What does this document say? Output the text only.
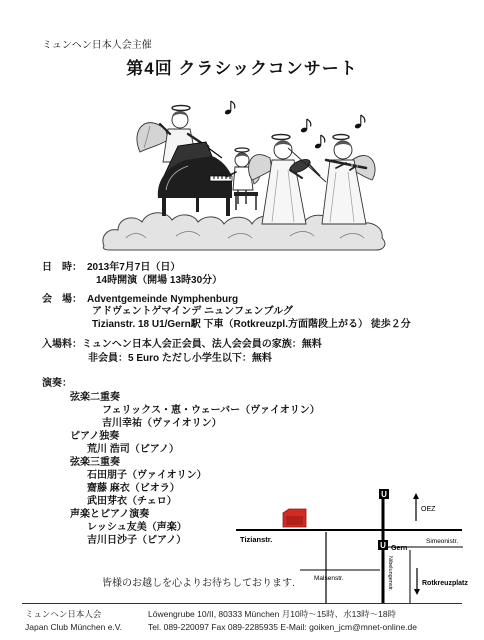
ミュンヘン日本人会主催
第4回 クラシックコンサート
日　時： 2013年7月7日（日）
14時開演（開場 13時30分）
会　場： Adventgemeinde Nymphenburg
アドヴェントゲマインデ ニュンフェンブルグ
Tizianstr. 18 U1/Gern駅 下車（Rotkreuzpl.方面階段上がる） 徒歩２分
入場料：ミュンヘン日本人会正会員、法人会会員の家族：無料
非会員：5 Euro ただし小学生以下：無料
演奏：
弦楽二重奏
フェリックス・恵・ウェーバー（ヴァイオリン）
吉川幸祐（ヴァイオリン）
ピアノ独奏
荒川 浩司（ピアノ）
弦楽三重奏
石田朋子（ヴァイオリン）
齋藤 麻衣（ビオラ）
武田芽衣（チェロ）
声楽とピアノ演奏
レッシュ友美（声楽）
吉川日沙子（ピアノ）
皆様のお越しを心よりお待ちしております.
Tizianstr.
U
OEZ
Simeonistr.
U Gern
Malsenstr.	Nibelungenstr.	Rotkreuzplatz
ミュンヘン日本人会
Japan Club München e.V.
Löwengrube 10/II, 80333 München 月10時〜15時、水13時〜18時
Tel. 089-220097 Fax 089-2285935 E-Mail: goiken_jcm@mnet-online.de
